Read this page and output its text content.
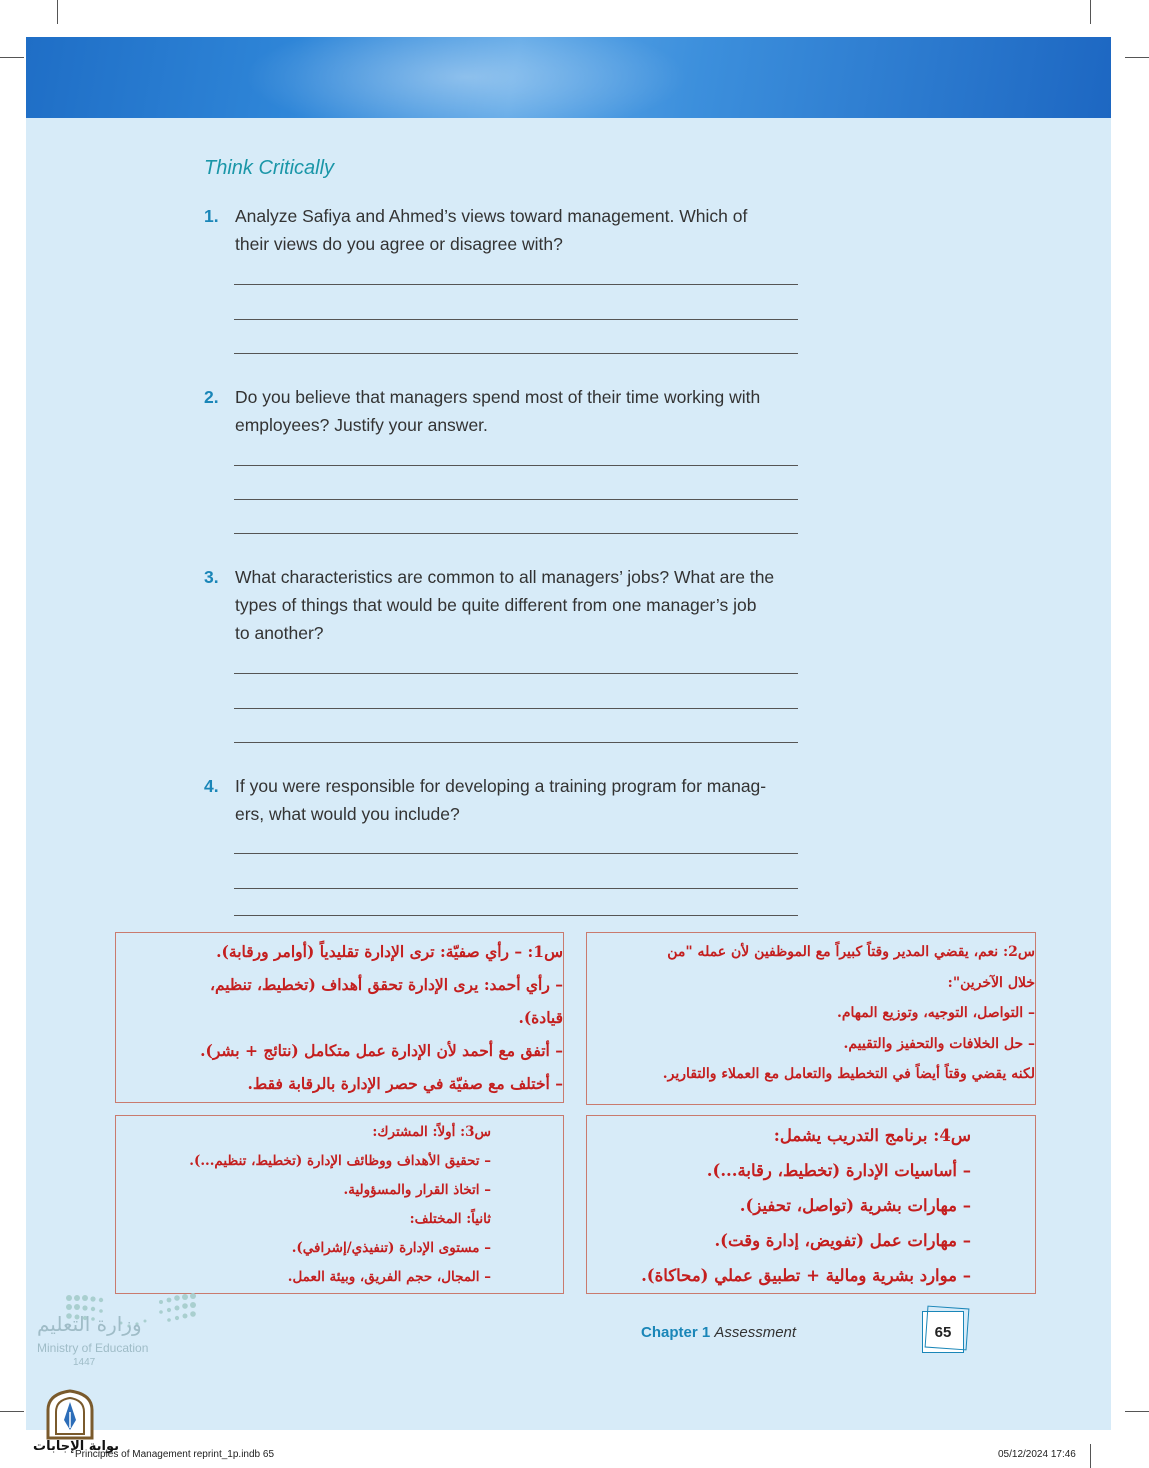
Think Critically
1. Analyze Safiya and Ahmed’s views toward management. Which of
their views do you agree or disagree with?
2. Do you believe that managers spend most of their time working with
employees? Justify your answer.
3. What characteristics are common to all managers’ jobs? What are the
types of things that would be quite different from one manager’s job
to another?
4. If you were responsible for developing a training program for manag-
ers, what would you include?
س1: – رأي صفيّة: ترى الإدارة تقليدياً (أوامر ورقابة).
– رأي أحمد: يرى الإدارة تحقق أهداف (تخطيط، تنظيم،
قيادة).
– أتفق مع أحمد لأن الإدارة عمل متكامل (نتائج + بشر).
– أختلف مع صفيّة في حصر الإدارة بالرقابة فقط.
س2: نعم، يقضي المدير وقتاً كبيراً مع الموظفين لأن عمله "من
خلال الآخرين":
– التواصل، التوجيه، وتوزيع المهام.
– حل الخلافات والتحفيز والتقييم.
لكنه يقضي وقتاً أيضاً في التخطيط والتعامل مع العملاء والتقارير.
س3: أولاً: المشترك:
– تحقيق الأهداف ووظائف الإدارة (تخطيط، تنظيم...).
– اتخاذ القرار والمسؤولية.
ثانياً: المختلف:
– مستوى الإدارة (تنفيذي/إشرافي).
– المجال، حجم الفريق، وبيئة العمل.
س4: برنامج التدريب يشمل:
– أساسيات الإدارة (تخطيط، رقابة...).
– مهارات بشرية (تواصل، تحفيز).
– مهارات عمل (تفويض، إدارة وقت).
– موارد بشرية ومالية + تطبيق عملي (محاكاة).
Chapter 1 Assessment	65
وزارة التعليم
Ministry of Education
1447
بوابة الإجابات
Principles of Management reprint_1p.indb 65	05/12/2024 17:46
